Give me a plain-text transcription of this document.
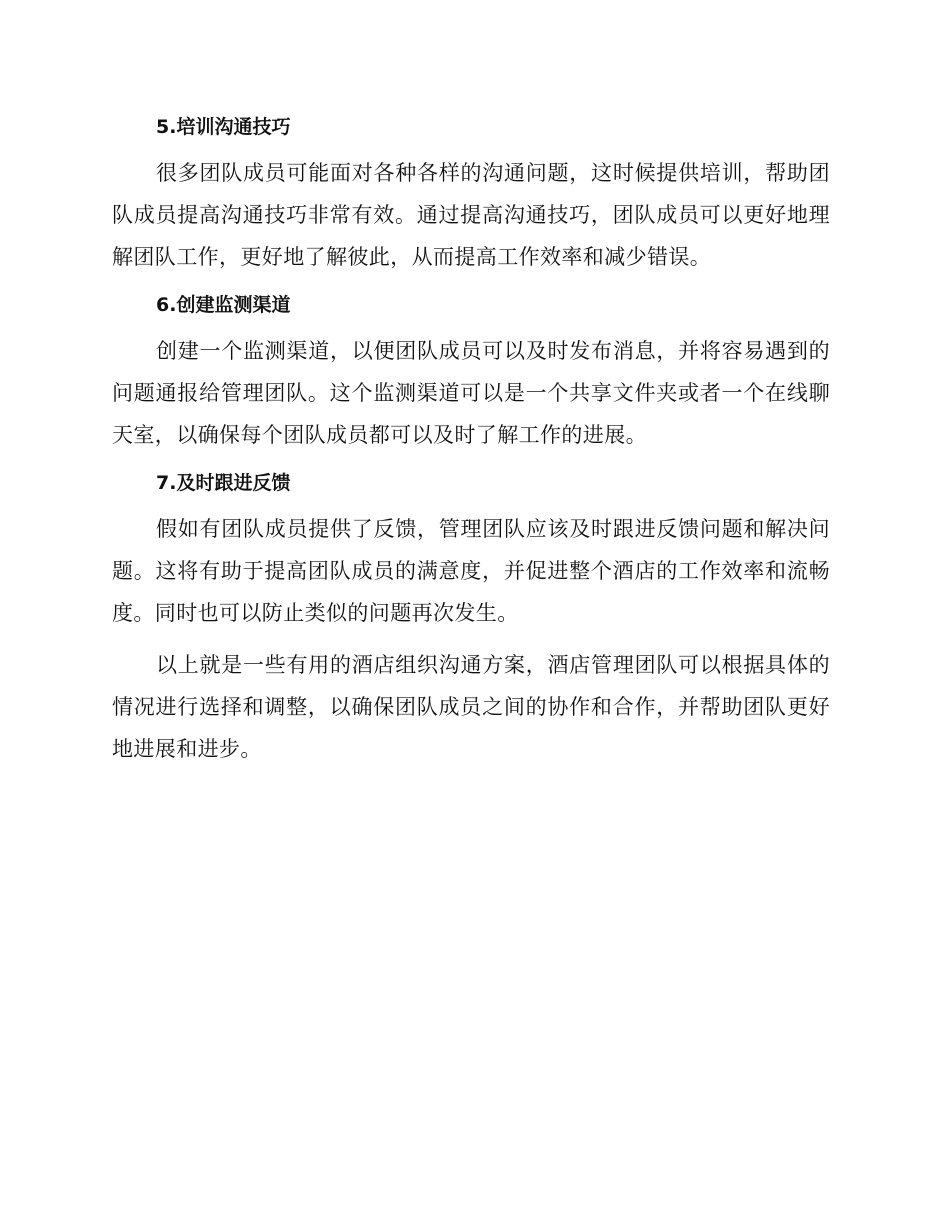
5.培训沟通技巧

很多团队成员可能面对各种各样的沟通问题，这时候提供培训，帮助团队成员提高沟通技巧非常有效。通过提高沟通技巧，团队成员可以更好地理解团队工作，更好地了解彼此，从而提高工作效率和减少错误。

6.创建监测渠道

创建一个监测渠道，以便团队成员可以及时发布消息，并将容易遇到的问题通报给管理团队。这个监测渠道可以是一个共享文件夹或者一个在线聊天室，以确保每个团队成员都可以及时了解工作的进展。

7.及时跟进反馈

假如有团队成员提供了反馈，管理团队应该及时跟进反馈问题和解决问题。这将有助于提高团队成员的满意度，并促进整个酒店的工作效率和流畅度。同时也可以防止类似的问题再次发生。

以上就是一些有用的酒店组织沟通方案，酒店管理团队可以根据具体的情况进行选择和调整，以确保团队成员之间的协作和合作，并帮助团队更好地进展和进步。
